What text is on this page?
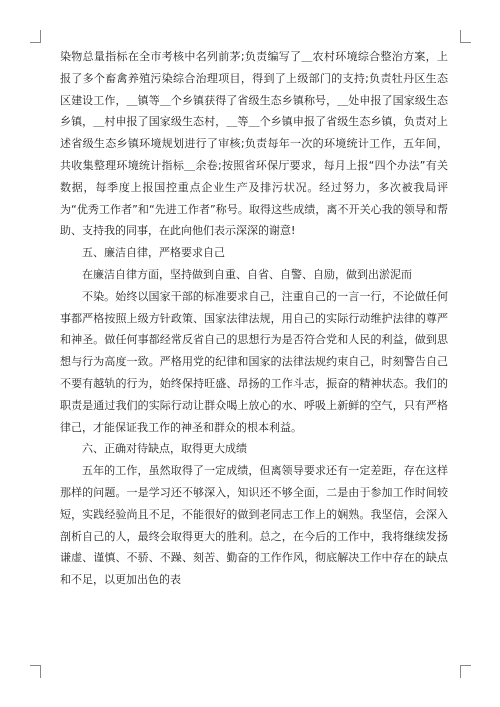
染物总量指标在全市考核中名列前茅;负责编写了＿农村环境综合整治方案，上报了多个畜禽养殖污染综合治理项目，得到了上级部门的支持;负责牡丹区生态区建设工作，＿镇等＿个乡镇获得了省级生态乡镇称号，＿处申报了国家级生态乡镇，＿村申报了国家级生态村，＿等＿个乡镇申报了省级生态乡镇，负责对上述省级生态乡镇环境规划进行了审核;负责每年一次的环境统计工作，五年间，共收集整理环境统计指标＿余卷;按照省环保厅要求，每月上报“四个办法”有关数据，每季度上报国控重点企业生产及排污状况。经过努力，多次被我局评为“优秀工作者”和“先进工作者”称号。取得这些成绩，离不开关心我的领导和帮助、支持我的同事，在此向他们表示深深的谢意!

五、廉洁自律，严格要求自己

在廉洁自律方面，坚持做到自重、自省、自警、自励，做到出淤泥而

不染。始终以国家干部的标准要求自己，注重自己的一言一行，不论做任何事都严格按照上级方针政策、国家法律法规，用自己的实际行动维护法律的尊严和神圣。做任何事都经常反省自己的思想行为是否符合党和人民的利益，做到思想与行为高度一致。严格用党的纪律和国家的法律法规约束自己，时刻警告自己不要有越轨的行为，始终保持旺盛、昂扬的工作斗志，振奋的精神状态。我们的职责是通过我们的实际行动让群众喝上放心的水、呼吸上新鲜的空气，只有严格律己，才能保证我工作的神圣和群众的根本利益。

六、正确对待缺点，取得更大成绩

五年的工作，虽然取得了一定成绩，但离领导要求还有一定差距，存在这样那样的问题。一是学习还不够深入，知识还不够全面，二是由于参加工作时间较短，实践经验尚且不足，不能很好的做到老同志工作上的娴熟。我坚信，会深入剖析自己的人，最终会取得更大的胜利。总之，在今后的工作中，我将继续发扬谦虚、谨慎、不骄、不躁、刻苦、勤奋的工作作风，彻底解决工作中存在的缺点和不足，以更加出色的表
